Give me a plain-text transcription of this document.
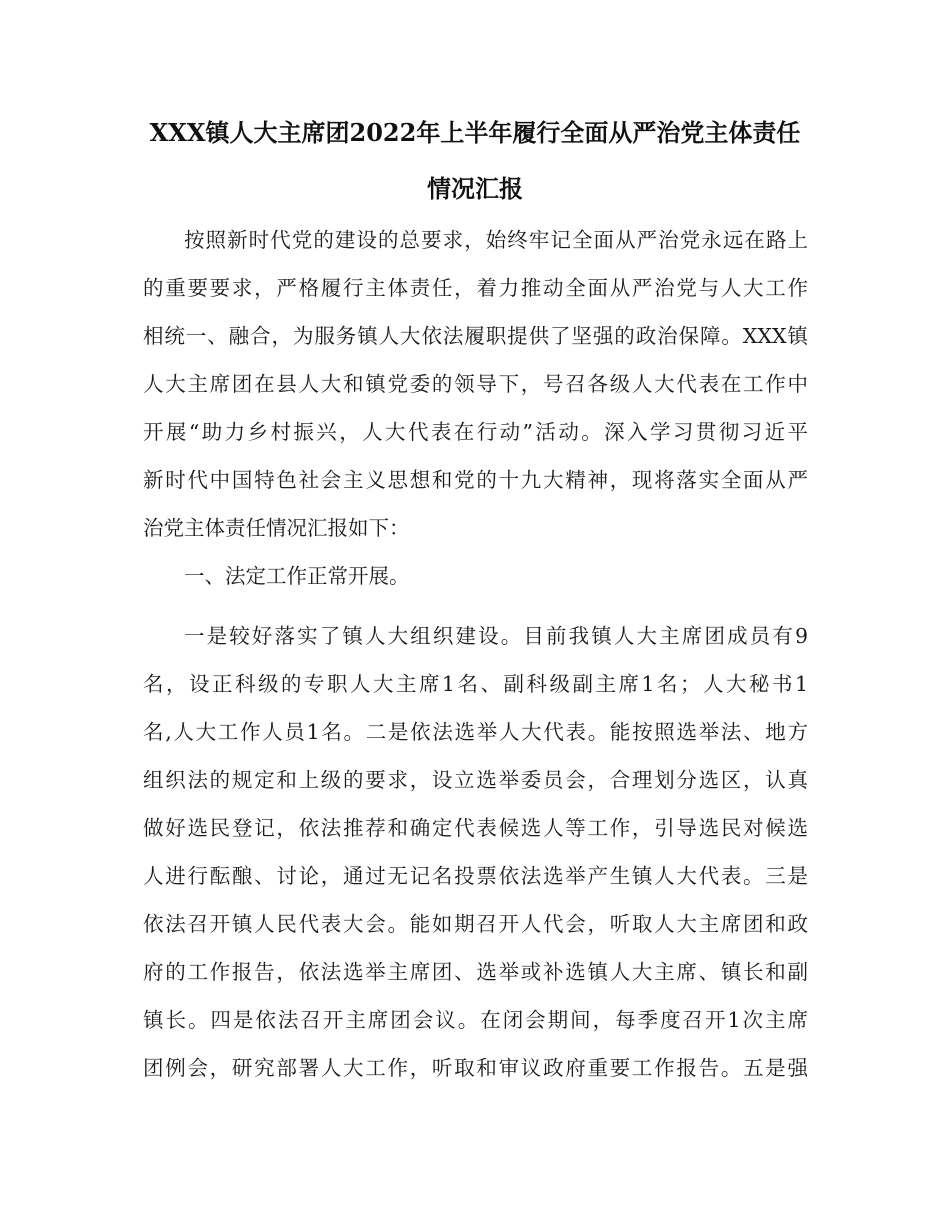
XXX镇人大主席团2022年上半年履行全面从严治党主体责任
情况汇报
按照新时代党的建设的总要求，始终牢记全面从严治党永远在路上
的重要要求，严格履行主体责任，着力推动全面从严治党与人大工作
相统一、融合，为服务镇人大依法履职提供了坚强的政治保障。XXX镇
人大主席团在县人大和镇党委的领导下，号召各级人大代表在工作中
开展“助力乡村振兴，人大代表在行动”活动。深入学习贯彻习近平
新时代中国特色社会主义思想和党的十九大精神，现将落实全面从严
治党主体责任情况汇报如下：
一、法定工作正常开展。
一是较好落实了镇人大组织建设。目前我镇人大主席团成员有9
名，设正科级的专职人大主席1名、副科级副主席1名；人大秘书1
名,人大工作人员1名。二是依法选举人大代表。能按照选举法、地方
组织法的规定和上级的要求，设立选举委员会，合理划分选区，认真
做好选民登记，依法推荐和确定代表候选人等工作，引导选民对候选
人进行酝酿、讨论，通过无记名投票依法选举产生镇人大代表。三是
依法召开镇人民代表大会。能如期召开人代会，听取人大主席团和政
府的工作报告，依法选举主席团、选举或补选镇人大主席、镇长和副
镇长。四是依法召开主席团会议。在闭会期间，每季度召开1次主席
团例会，研究部署人大工作，听取和审议政府重要工作报告。五是强
